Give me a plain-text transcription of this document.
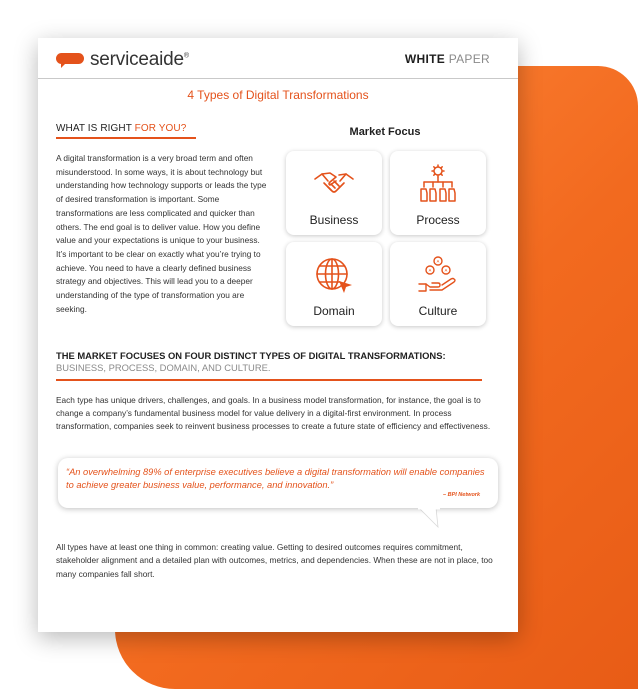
serviceaide®	WHITE PAPER
4 Types of Digital Transformations
WHAT IS RIGHT FOR YOU?
A digital transformation is a very broad term and often misunderstood. In some ways, it is about technology but understanding how technology supports or leads the type of desired transformation is important. Some transformations are less complicated and quicker than others. The end goal is to deliver value. How you define value and your expectations is unique to your business. It’s important to be clear on exactly what you’re trying to achieve. You need to have a clearly defined business strategy and objectives. This will lead you to a deeper understanding of the type of transformation you are seeking.
Market Focus
Business	Process
Domain
A
A	A
Culture
THE MARKET FOCUSES ON FOUR DISTINCT TYPES OF DIGITAL TRANSFORMATIONS:
BUSINESS, PROCESS, DOMAIN, AND CULTURE.
Each type has unique drivers, challenges, and goals. In a business model transformation, for instance, the goal is to change a company’s fundamental business model for value delivery in a digital-first environment. In process transformation, companies seek to reinvent business processes to create a future state of efficiency and effectiveness.
“An overwhelming 89% of enterprise executives believe a digital transformation will enable companies to achieve greater business value, performance, and innovation.”
– BPI Network
All types have at least one thing in common: creating value. Getting to desired outcomes requires commitment, stakeholder alignment and a detailed plan with outcomes, metrics, and dependencies. When these are not in place, too many companies fall short.
